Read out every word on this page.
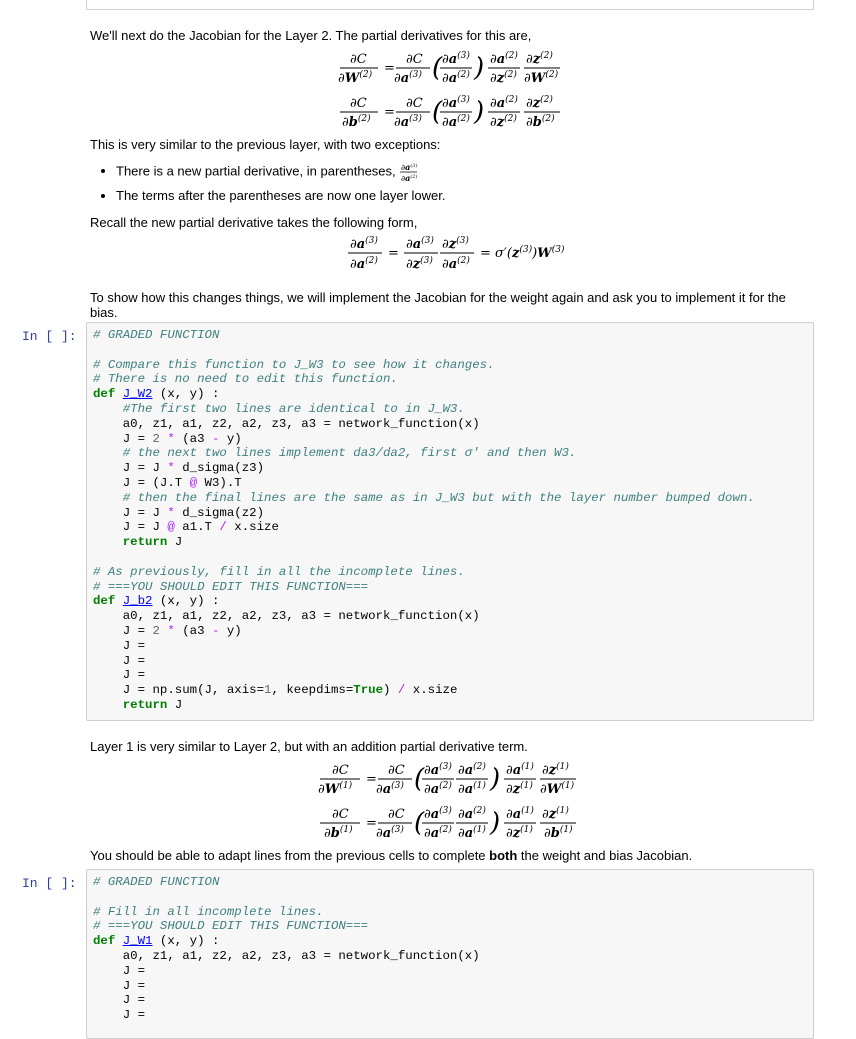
We'll next do the Jacobian for the Layer 2. The partial derivatives for this are,

∂C
$\partial W^{(2)}$ =
∂C
$\partial a^{(3)}$ ( $\partial a^{(3)}$
$\partial a^{(2)}$ ) $\partial a^{(2)}$
$\partial z^{(2)}$
$\partial z^{(2)}$
$\partial W^{(2)}$
∂C
$\partial b^{(2)}$ =
∂C
$\partial a^{(3)}$ ( $\partial a^{(3)}$
$\partial a^{(2)}$ ) $\partial a^{(2)}$
$\partial z^{(2)}$
$\partial z^{(2)}$
$\partial b^{(2)}$

This is very similar to the previous layer, with two exceptions:

• There is a new partial derivative, in parentheses, $\partial a^{(3)}$
$\partial a^{(2)}$
• The terms after the parentheses are now one layer lower.

Recall the new partial derivative takes the following form,

$\partial a^{(3)}$
$\partial a^{(2)}$ =
$\partial a^{(3)}$
$\partial z^{(3)}$
$\partial z^{(3)}$
$\partial a^{(2)} = \sigma'(z^{(3)})W^{(3)}$

To show how this changes things, we will implement the Jacobian for the weight again and ask you to implement it for the bias.

In [ ]:	# GRADED FUNCTION

# Compare this function to J_W3 to see how it changes.
# There is no need to edit this function.
def J_W2 (x, y) :
#The first two lines are identical to in J_W3.
a0, z1, a1, z2, a2, z3, a3 = network_function(x)
J = 2 * (a3 - y)
# the next two lines implement da3/da2, first σ' and then W3.
J = J * d_sigma(z3)
J = (J.T @ W3).T
# then the final lines are the same as in J_W3 but with the layer number bumped down.
J = J * d_sigma(z2)
J = J @ a1.T / x.size
return J

# As previously, fill in all the incomplete lines.
# ===YOU SHOULD EDIT THIS FUNCTION===
def J_b2 (x, y) :
a0, z1, a1, z2, a2, z3, a3 = network_function(x)
J = 2 * (a3 - y)
J =
J =
J =
J = np.sum(J, axis=1, keepdims=True) / x.size
return J

Layer 1 is very similar to Layer 2, but with an addition partial derivative term.

∂C
$\partial W^{(1)}$ =
∂C
$\partial a^{(3)}$ ( $\partial a^{(3)}$
$\partial a^{(2)}$
$\partial a^{(2)}$
$\partial a^{(1)}$ ) $\partial a^{(1)}$
$\partial z^{(1)}$
$\partial z^{(1)}$
$\partial W^{(1)}$
∂C
$\partial b^{(1)}$ =
∂C
$\partial a^{(3)}$ ( $\partial a^{(3)}$
$\partial a^{(2)}$
$\partial a^{(2)}$
$\partial a^{(1)}$ ) $\partial a^{(1)}$
$\partial z^{(1)}$
$\partial z^{(1)}$
$\partial b^{(1)}$

You should be able to adapt lines from the previous cells to complete both the weight and bias Jacobian.

In [ ]:	# GRADED FUNCTION

# Fill in all incomplete lines.
# ===YOU SHOULD EDIT THIS FUNCTION===
def J_W1 (x, y) :
a0, z1, a1, z2, a2, z3, a3 = network_function(x)
J =
J =
J =
J =
